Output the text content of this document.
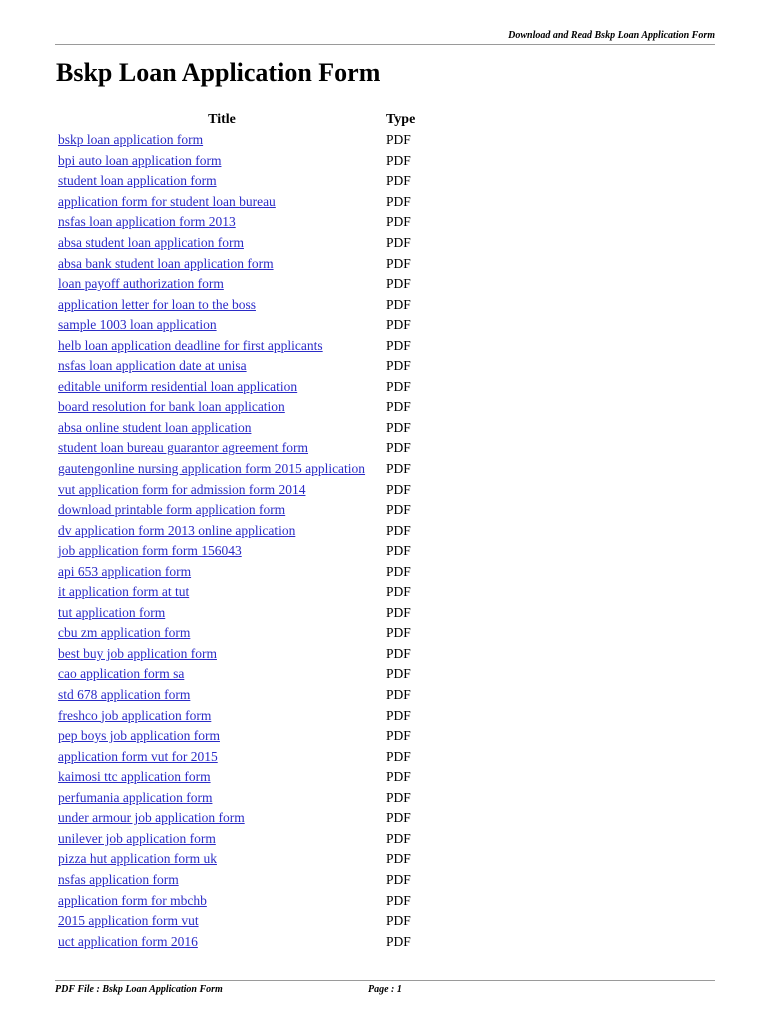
Download and Read Bskp Loan Application Form
Bskp Loan Application Form
Title	Type
bskp loan application form	PDF
bpi auto loan application form	PDF
student loan application form	PDF
application form for student loan bureau	PDF
nsfas loan application form 2013	PDF
absa student loan application form	PDF
absa bank student loan application form	PDF
loan payoff authorization form	PDF
application letter for loan to the boss	PDF
sample 1003 loan application	PDF
helb loan application deadline for first applicants	PDF
nsfas loan application date at unisa	PDF
editable uniform residential loan application	PDF
board resolution for bank loan application	PDF
absa online student loan application	PDF
student loan bureau guarantor agreement form	PDF
gautengonline nursing application form 2015 application	PDF
vut application form for admission form 2014	PDF
download printable form application form	PDF
dv application form 2013 online application	PDF
job application form form 156043	PDF
api 653 application form	PDF
it application form at tut	PDF
tut application form	PDF
cbu zm application form	PDF
best buy job application form	PDF
cao application form sa	PDF
std 678 application form	PDF
freshco job application form	PDF
pep boys job application form	PDF
application form vut for 2015	PDF
kaimosi ttc application form	PDF
perfumania application form	PDF
under armour job application form	PDF
unilever job application form	PDF
pizza hut application form uk	PDF
nsfas application form	PDF
application form for mbchb	PDF
2015 application form vut	PDF
uct application form 2016	PDF
PDF File : Bskp Loan Application Form	Page : 1
